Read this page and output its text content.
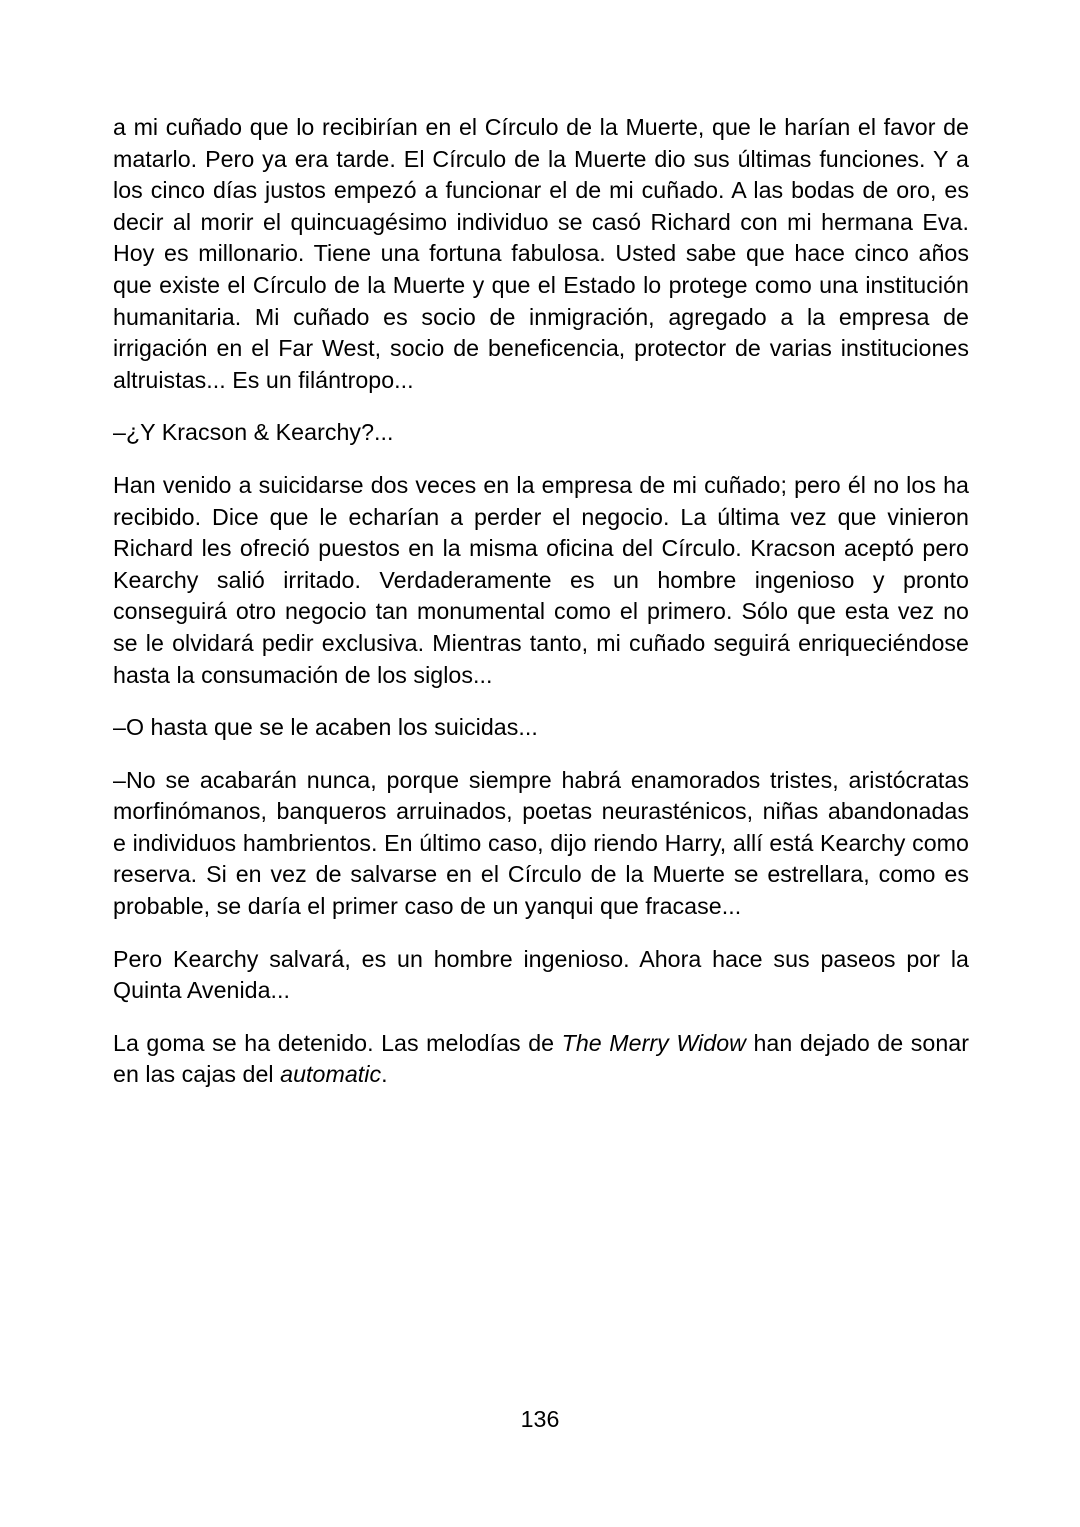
a mi cuñado que lo recibirían en el Círculo de la Muerte, que le harían el favor de matarlo. Pero ya era tarde. El Círculo de la Muerte dio sus últimas funciones. Y a los cinco días justos empezó a funcionar el de mi cuñado. A las bodas de oro, es decir al morir el quincuagésimo individuo se casó Richard con mi hermana Eva. Hoy es millonario. Tiene una fortuna fabulosa. Usted sabe que hace cinco años que existe el Círculo de la Muerte y que el Estado lo protege como una institución humanitaria. Mi cuñado es socio de inmigración, agregado a la empresa de irrigación en el Far West, socio de beneficencia, protector de varias instituciones altruistas... Es un filántropo...

–¿Y Kracson & Kearchy?...

Han venido a suicidarse dos veces en la empresa de mi cuñado; pero él no los ha recibido. Dice que le echarían a perder el negocio. La última vez que vinieron Richard les ofreció puestos en la misma oficina del Círculo. Kracson aceptó pero Kearchy salió irritado. Verdaderamente es un hombre ingenioso y pronto conseguirá otro negocio tan monumental como el primero. Sólo que esta vez no se le olvidará pedir exclusiva. Mientras tanto, mi cuñado seguirá enriqueciéndose hasta la consumación de los siglos...

–O hasta que se le acaben los suicidas...

–No se acabarán nunca, porque siempre habrá enamorados tristes, aristócratas morfinómanos, banqueros arruinados, poetas neurasténicos, niñas abandonadas e individuos hambrientos. En último caso, dijo riendo Harry, allí está Kearchy como reserva. Si en vez de salvarse en el Círculo de la Muerte se estrellara, como es probable, se daría el primer caso de un yanqui que fracase...

Pero Kearchy salvará, es un hombre ingenioso. Ahora hace sus paseos por la Quinta Avenida...

La goma se ha detenido. Las melodías de The Merry Widow han dejado de sonar en las cajas del automatic.

136
